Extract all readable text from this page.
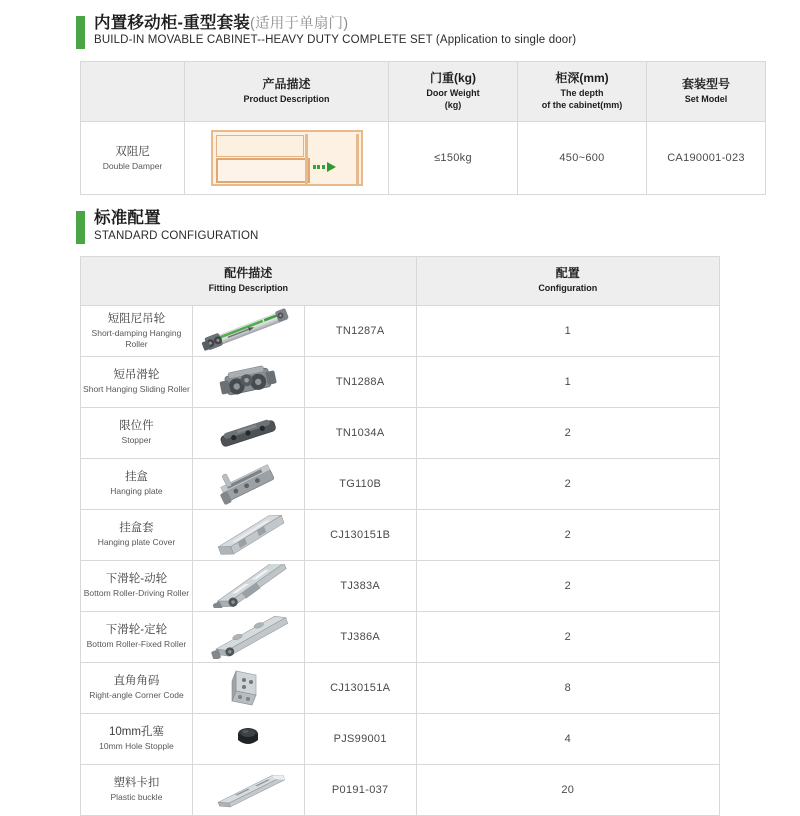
内置移动柜-重型套装(适用于单扇门)
BUILD-IN MOVABLE CABINET--HEAVY DUTY COMPLETE SET (Application to single door)

产品描述
Product Description

门重(kg)
Door Weight
(kg)

柜深(mm)
The depth
of the cabinet(mm)

套装型号
Set Model

双阻尼
Double Damper		≤150kg	450~600	CA190001-023
标准配置
STANDARD CONFIGURATION
配件描述
Fitting Description

配置
Configuration

短阻尼吊轮
Short-damping Hanging Roller		TN1287A	1

短吊滑轮
Short Hanging Sliding Roller		TN1288A	1

限位件
Stopper		TN1034A	2

挂盒
Hanging plate		TG110B	2

挂盒套
Hanging plate Cover		CJ130151B	2

下滑轮-动轮
Bottom Roller-Driving Roller		TJ383A	2

下滑轮-定轮
Bottom Roller-Fixed Roller		TJ386A	2

直角角码
Right-angle Corner Code		CJ130151A	8

10mm孔塞
10mm Hole Stopple		PJS99001	4

塑料卡扣
Plastic buckle		P0191-037	20
